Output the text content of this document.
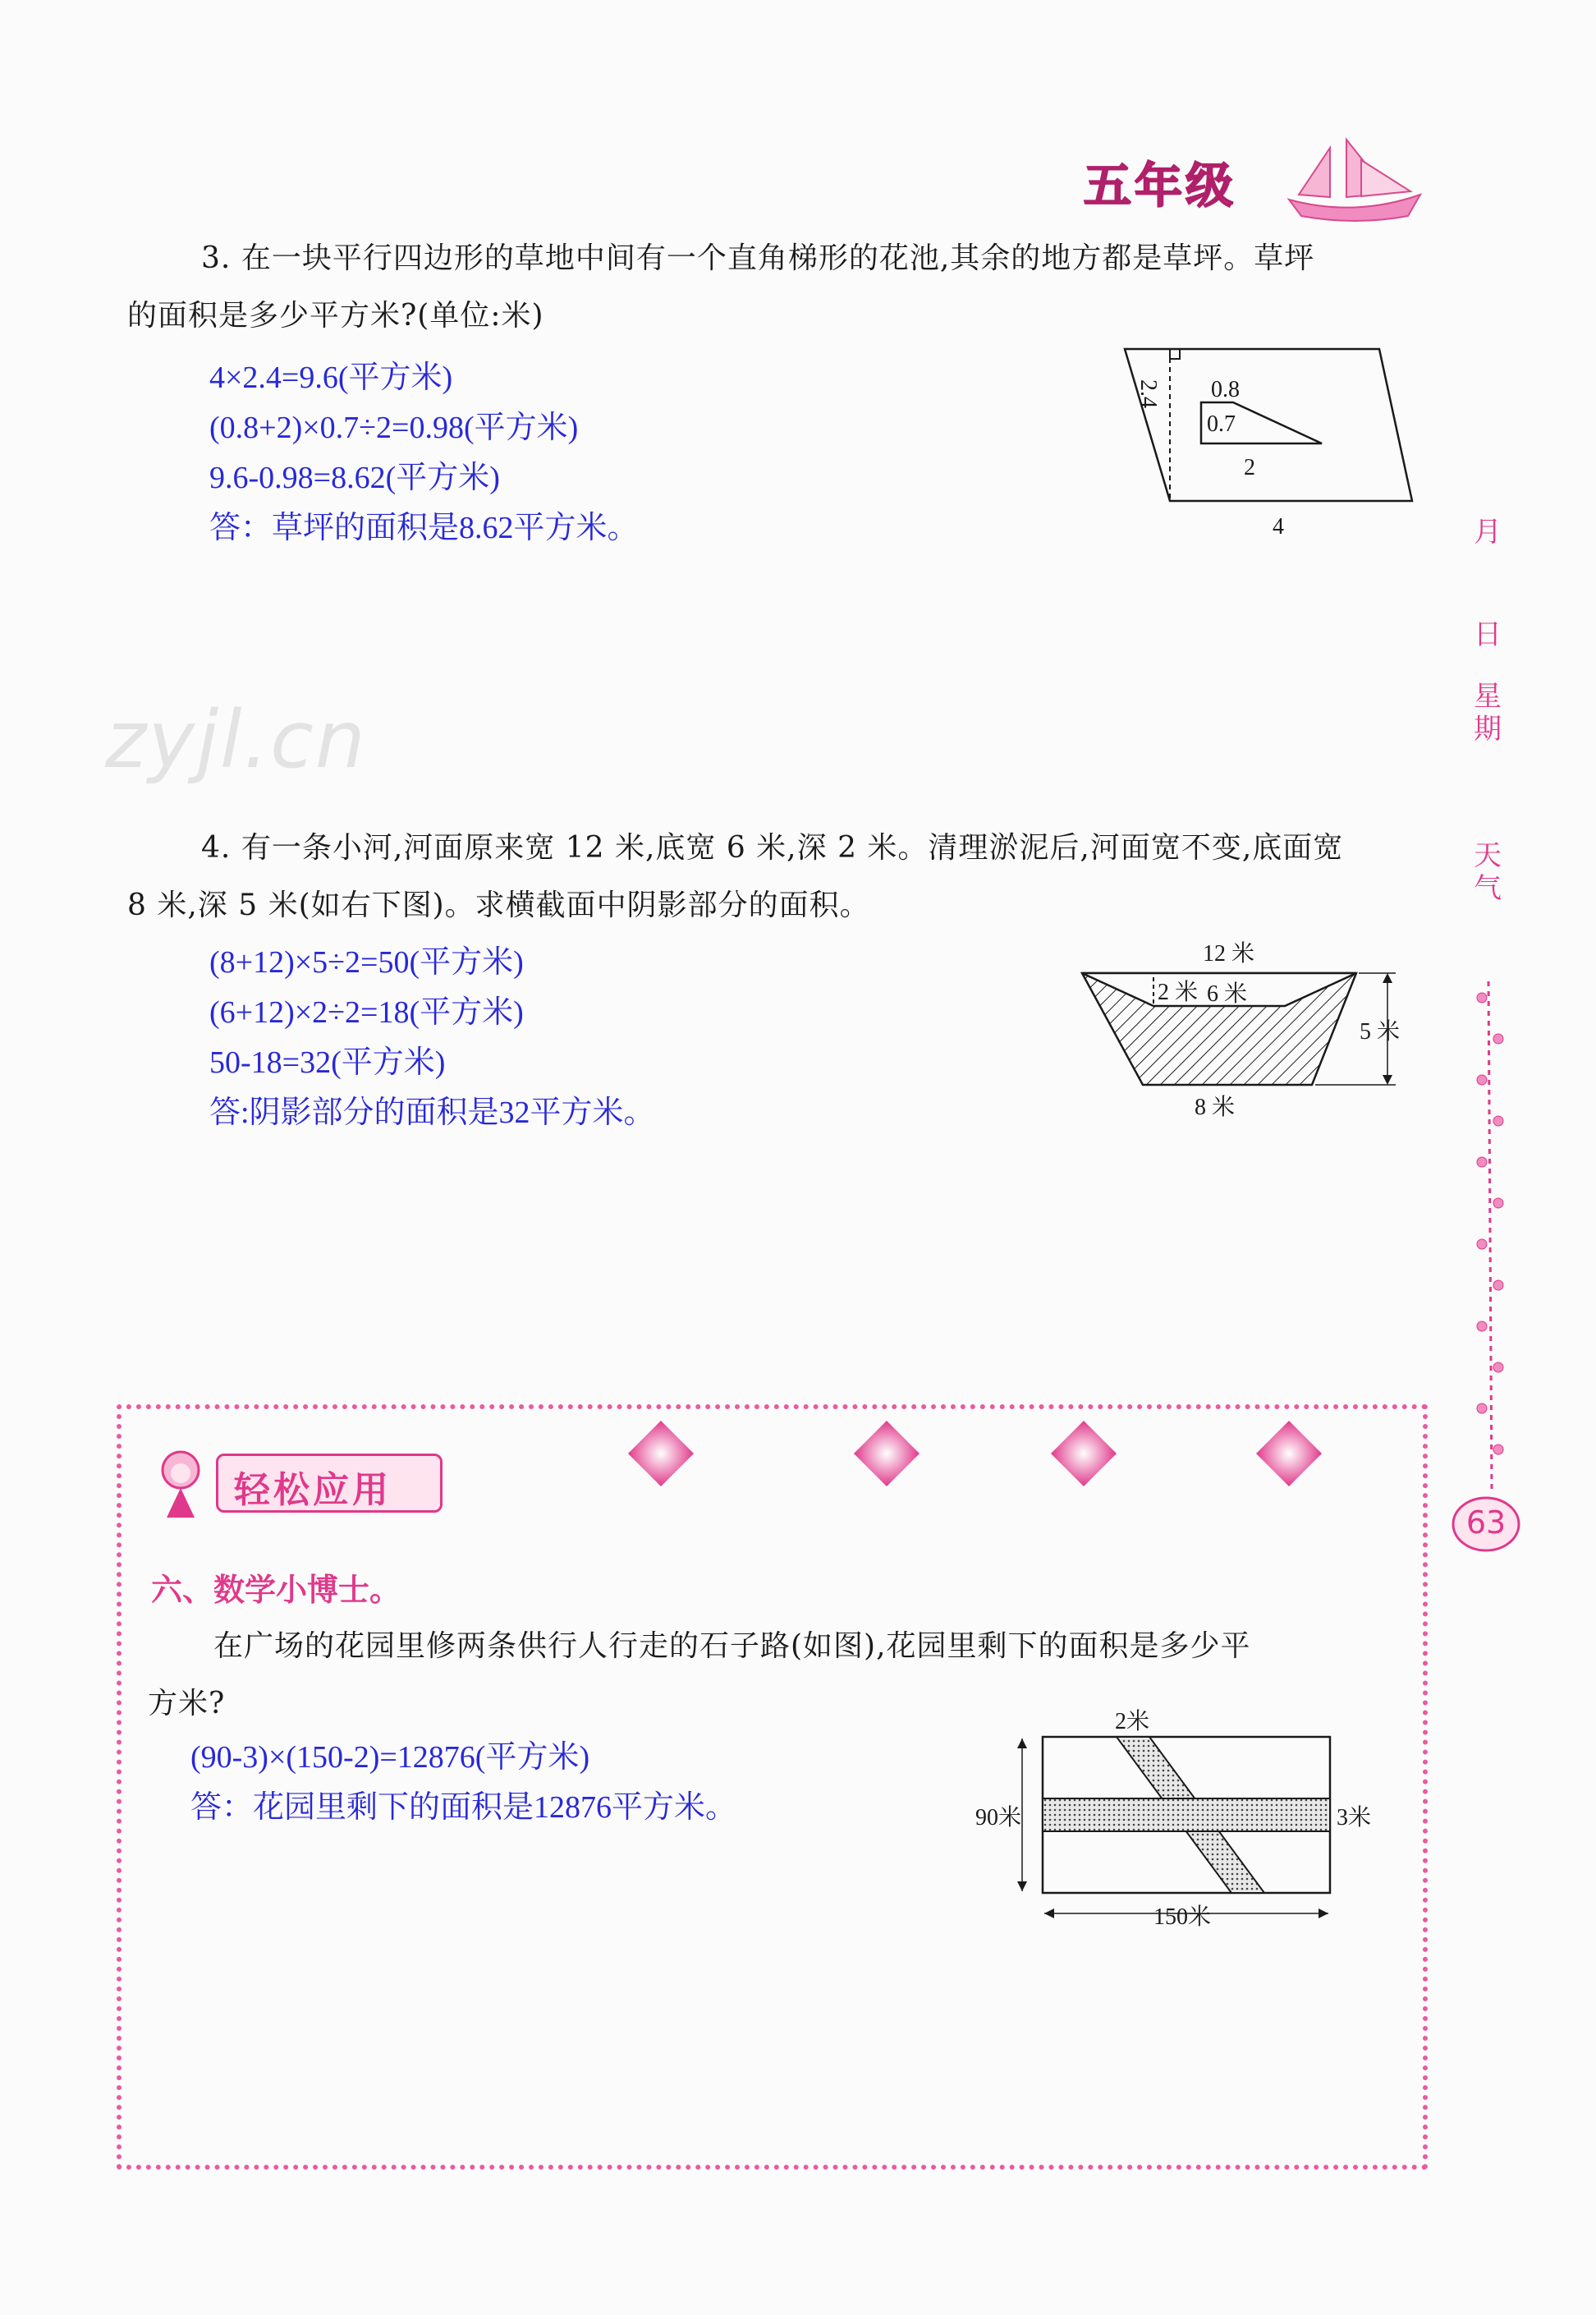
五年级
月
日
星期
天气
63
zyjl.cn
3. 在一块平行四边形的草地中间有一个直角梯形的花池,其余的地方都是草坪。草坪
的面积是多少平方米?(单位:米)
4×2.4=9.6(平方米)
(0.8+2)×0.7÷2=0.98(平方米)
9.6-0.98=8.62(平方米)
答：草坪的面积是8.62平方米。
2.4 0.8
0.7
2
4
4. 有一条小河,河面原来宽 12 米,底宽 6 米,深 2 米。清理淤泥后,河面宽不变,底面宽
8 米,深 5 米(如右下图)。求横截面中阴影部分的面积。
(8+12)×5÷2=50(平方米)
(6+12)×2÷2=18(平方米)
50-18=32(平方米)
答:阴影部分的面积是32平方米。
12 米
2 米 6 米
5 米
8 米
轻松应用
六、数学小博士。
在广场的花园里修两条供行人行走的石子路(如图),花园里剩下的面积是多少平
方米?
(90-3)×(150-2)=12876(平方米)
答：花园里剩下的面积是12876平方米。
2米
90米	3米
150米
